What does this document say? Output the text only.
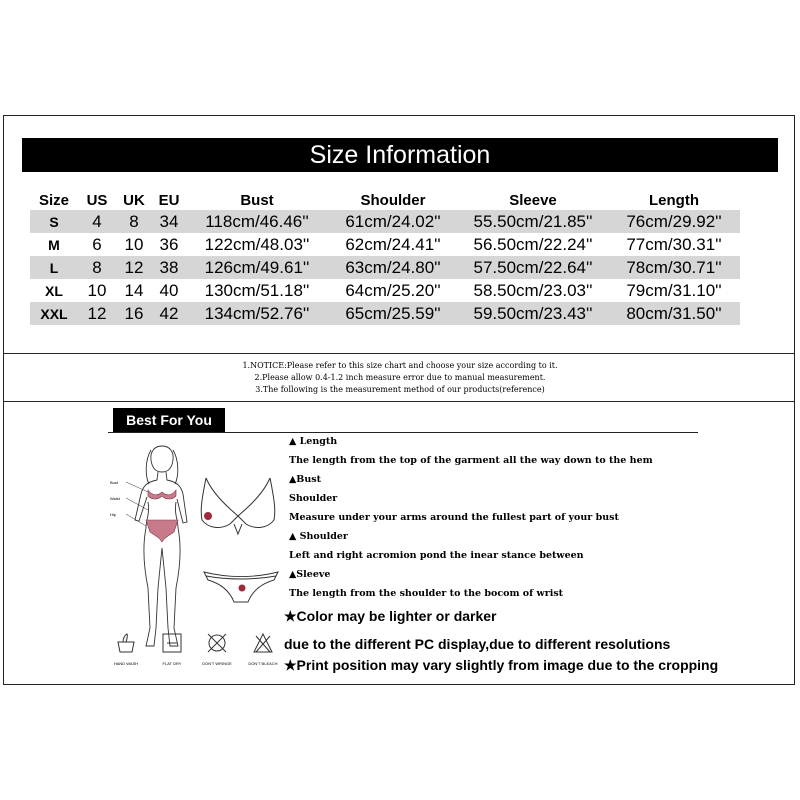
Size Information
Size	US	UK	EU	Bust	Shoulder	Sleeve	Length
S	4	8	34	118cm/46.46''	61cm/24.02''	55.50cm/21.85''	76cm/29.92''
M	6	10	36	122cm/48.03''	62cm/24.41''	56.50cm/22.24''	77cm/30.31''
L	8	12	38	126cm/49.61''	63cm/24.80''	57.50cm/22.64''	78cm/30.71''
XL	10	14	40	130cm/51.18''	64cm/25.20''	58.50cm/23.03''	79cm/31.10''
XXL	12	16	42	134cm/52.76''	65cm/25.59''	59.50cm/23.43''	80cm/31.50''
1.NOTICE:Please refer to this size chart and choose your size according to it.
2.Please allow 0.4-1.2 inch measure error due to manual measurement.
3.The following is the measurement method of our products(reference)
Best For You
Bust
Waist
Hip
▲ Length
The length from the top of the garment all the way down to the hem
▲Bust
Shoulder
Measure under your arms around the fullest part of your bust
▲ Shoulder
Left and right acromion pond the inear stance between
▲Sleeve
The length from the shoulder to the bocom of wrist
★Color may be lighter or darker
due to the different PC display,due to different resolutions
★Print position may vary slightly from image due to the cropping
HAND WASH	FLAT DRY	DON'T WRINGE	DON'T BLEACH
